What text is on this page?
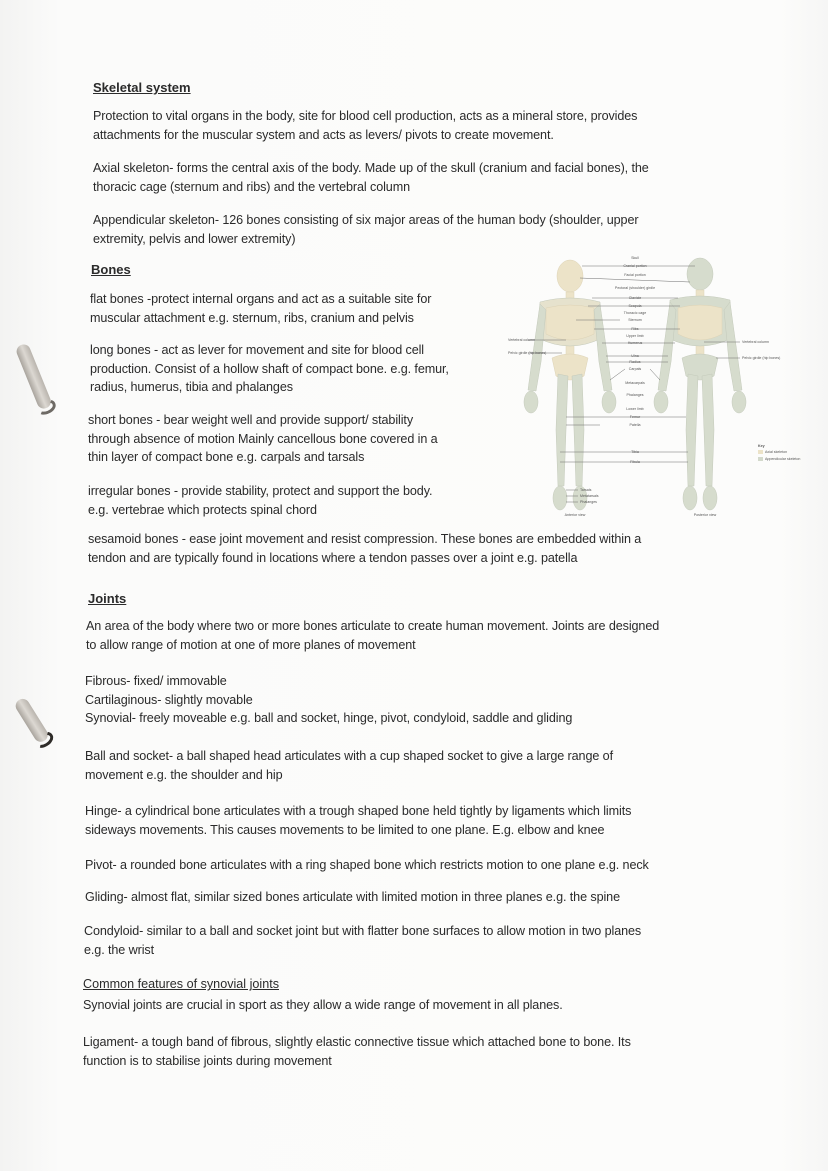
Skeletal system
Protection to vital organs in the body, site for blood cell production, acts as a mineral store, provides
attachments for the muscular system and acts as levers/ pivots to create movement.
Axial skeleton- forms the central axis of the body. Made up of the skull (cranium and facial bones), the
thoracic cage (sternum and ribs) and the vertebral column
Appendicular skeleton- 126 bones consisting of six major areas of the human body (shoulder, upper
extremity, pelvis and lower extremity)
Bones
flat bones -protect internal organs and act as a suitable site for
muscular attachment e.g. sternum, ribs, cranium and pelvis
long bones - act as lever for movement and site for blood cell
production. Consist of a hollow shaft of compact bone. e.g. femur,
radius, humerus, tibia and phalanges
short bones - bear weight well and provide support/ stability
through absence of motion Mainly cancellous bone covered in a
thin layer of compact bone e.g. carpals and tarsals
irregular bones - provide stability, protect and support the body.
e.g. vertebrae which protects spinal chord
sesamoid bones - ease joint movement and resist compression. These bones are embedded within a
tendon and are typically found in locations where a tendon passes over a joint e.g. patella
Joints
An area of the body where two or more bones articulate to create human movement. Joints are designed
to allow range of motion at one of more planes of movement
Fibrous- fixed/ immovable
Cartilaginous- slightly movable
Synovial- freely moveable e.g. ball and socket, hinge, pivot, condyloid, saddle and gliding
Ball and socket- a ball shaped head articulates with a cup shaped socket to give a large range of
movement e.g. the shoulder and hip
Hinge- a cylindrical bone articulates with a trough shaped bone held tightly by ligaments which limits
sideways movements. This causes movements to be limited to one plane. E.g. elbow and knee
Pivot- a rounded bone articulates with a ring shaped bone which restricts motion to one plane e.g. neck
Gliding- almost flat, similar sized bones articulate with limited motion in three planes e.g. the spine
Condyloid- similar to a ball and socket joint but with flatter bone surfaces to allow motion in two planes
e.g. the wrist
Common features of synovial joints
Synovial joints are crucial in sport as they allow a wide range of movement in all planes.
Ligament- a tough band of fibrous, slightly elastic connective tissue which attached bone to bone. Its
function is to stabilise joints during movement
Skull
Cranial portion
Facial portion
Pectoral (shoulder) girdle
Clavicle
Scapula
Thoracic cage
Sternum
Ribs
Upper limb
Humerus
Ulna
Radius
Carpals
Metacarpals
Phalanges
Lower limb
Femur
Patella
Tibia
Fibula
Tarsals
Metatarsals
Phalanges
Vertebral column
Pelvic girdle (hip bones)
Vertebral column
Pelvic girdle (hip bones)
Key
Axial skeleton
Appendicular skeleton
Anterior view	Posterior view
